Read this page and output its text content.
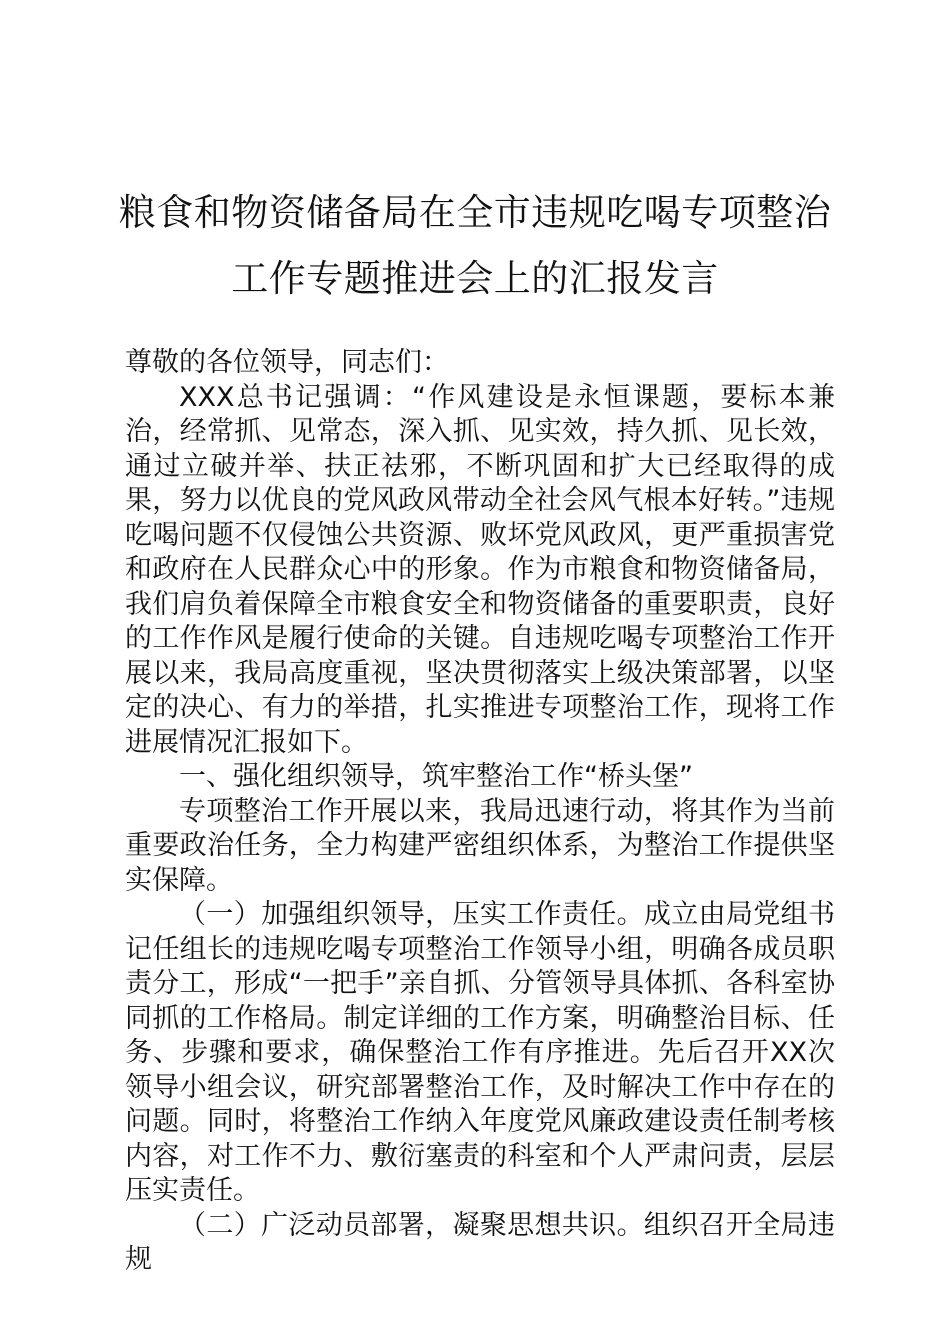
粮食和物资储备局在全市违规吃喝专项整治
工作专题推进会上的汇报发言

尊敬的各位领导，同志们：

XXX总书记强调：“作风建设是永恒课题，要标本兼治，经常抓、见常态，深入抓、见实效，持久抓、见长效，通过立破并举、扶正祛邪，不断巩固和扩大已经取得的成果，努力以优良的党风政风带动全社会风气根本好转。”违规吃喝问题不仅侵蚀公共资源、败坏党风政风，更严重损害党和政府在人民群众心中的形象。作为市粮食和物资储备局，我们肩负着保障全市粮食安全和物资储备的重要职责，良好的工作作风是履行使命的关键。自违规吃喝专项整治工作开展以来，我局高度重视，坚决贯彻落实上级决策部署，以坚定的决心、有力的举措，扎实推进专项整治工作，现将工作进展情况汇报如下。

一、强化组织领导，筑牢整治工作“桥头堡”

专项整治工作开展以来，我局迅速行动，将其作为当前重要政治任务，全力构建严密组织体系，为整治工作提供坚实保障。

（一）加强组织领导，压实工作责任。成立由局党组书记任组长的违规吃喝专项整治工作领导小组，明确各成员职责分工，形成“一把手”亲自抓、分管领导具体抓、各科室协同抓的工作格局。制定详细的工作方案，明确整治目标、任务、步骤和要求，确保整治工作有序推进。先后召开XX次领导小组会议，研究部署整治工作，及时解决工作中存在的问题。同时，将整治工作纳入年度党风廉政建设责任制考核内容，对工作不力、敷衍塞责的科室和个人严肃问责，层层压实责任。

（二）广泛动员部署，凝聚思想共识。组织召开全局违规
